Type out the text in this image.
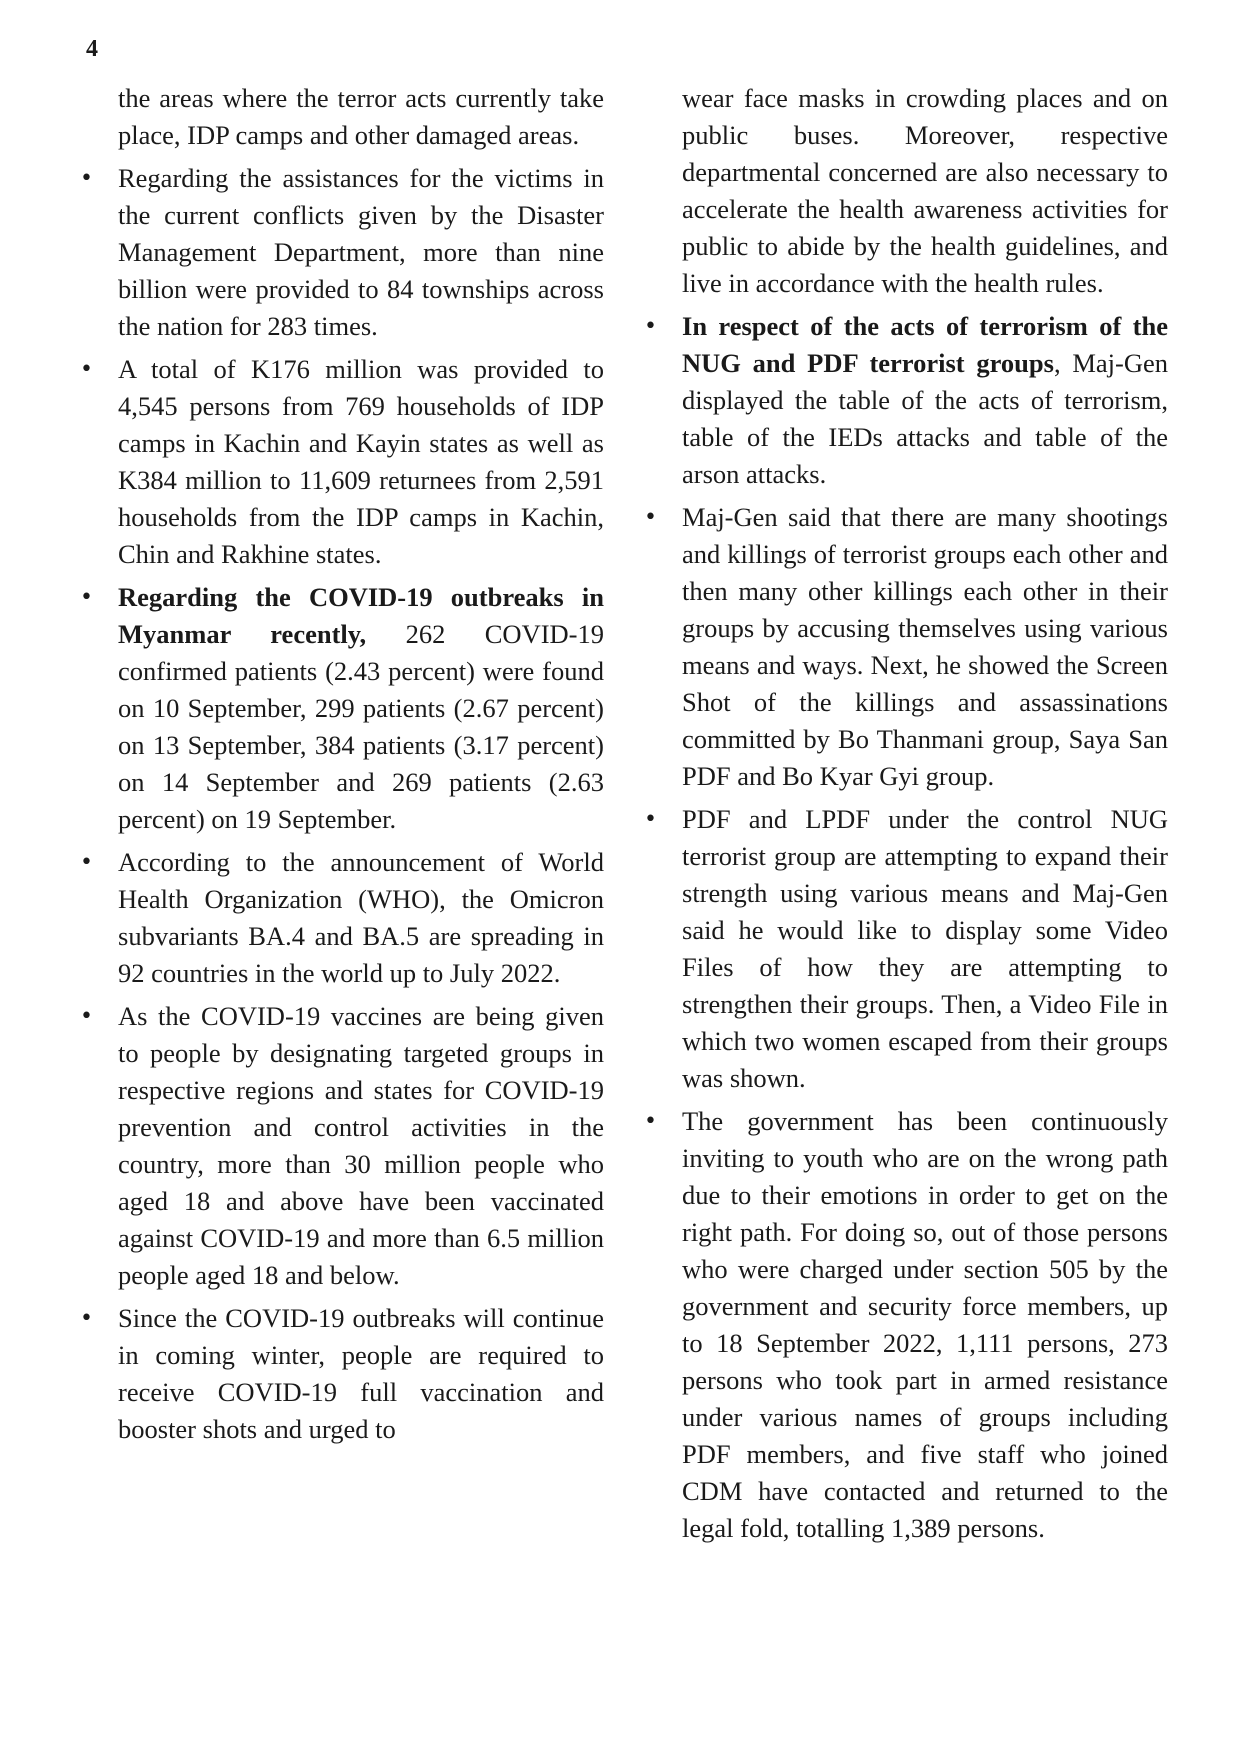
4

the areas where the terror acts currently take place, IDP camps and other damaged areas.

• Regarding the assistances for the victims in the current conflicts given by the Disaster Management Department, more than nine billion were provided to 84 townships across the nation for 283 times.

• A total of K176 million was provided to 4,545 persons from 769 households of IDP camps in Kachin and Kayin states as well as K384 million to 11,609 returnees from 2,591 households from the IDP camps in Kachin, Chin and Rakhine states.

• Regarding the COVID-19 outbreaks in Myanmar recently, 262 COVID-19 confirmed patients (2.43 percent) were found on 10 September, 299 patients (2.67 percent) on 13 September, 384 patients (3.17 percent) on 14 September and 269 patients (2.63 percent) on 19 September.

• According to the announcement of World Health Organization (WHO), the Omicron subvariants BA.4 and BA.5 are spreading in 92 countries in the world up to July 2022.

• As the COVID-19 vaccines are being given to people by designating targeted groups in respective regions and states for COVID-19 prevention and control activities in the country, more than 30 million people who aged 18 and above have been vaccinated against COVID-19 and more than 6.5 million people aged 18 and below.

• Since the COVID-19 outbreaks will continue in coming winter, people are required to receive COVID-19 full vaccination and booster shots and urged to

wear face masks in crowding places and on public buses. Moreover, respective departmental concerned are also necessary to accelerate the health awareness activities for public to abide by the health guidelines, and live in accordance with the health rules.

• In respect of the acts of terrorism of the NUG and PDF terrorist groups, Maj-Gen displayed the table of the acts of terrorism, table of the IEDs attacks and table of the arson attacks.

• Maj-Gen said that there are many shootings and killings of terrorist groups each other and then many other killings each other in their groups by accusing themselves using various means and ways. Next, he showed the Screen Shot of the killings and assassinations committed by Bo Thanmani group, Saya San PDF and Bo Kyar Gyi group.

• PDF and LPDF under the control NUG terrorist group are attempting to expand their strength using various means and Maj-Gen said he would like to display some Video Files of how they are attempting to strengthen their groups. Then, a Video File in which two women escaped from their groups was shown.

• The government has been continuously inviting to youth who are on the wrong path due to their emotions in order to get on the right path. For doing so, out of those persons who were charged under section 505 by the government and security force members, up to 18 September 2022, 1,111 persons, 273 persons who took part in armed resistance under various names of groups including PDF members, and five staff who joined CDM have contacted and returned to the legal fold, totalling 1,389 persons.
